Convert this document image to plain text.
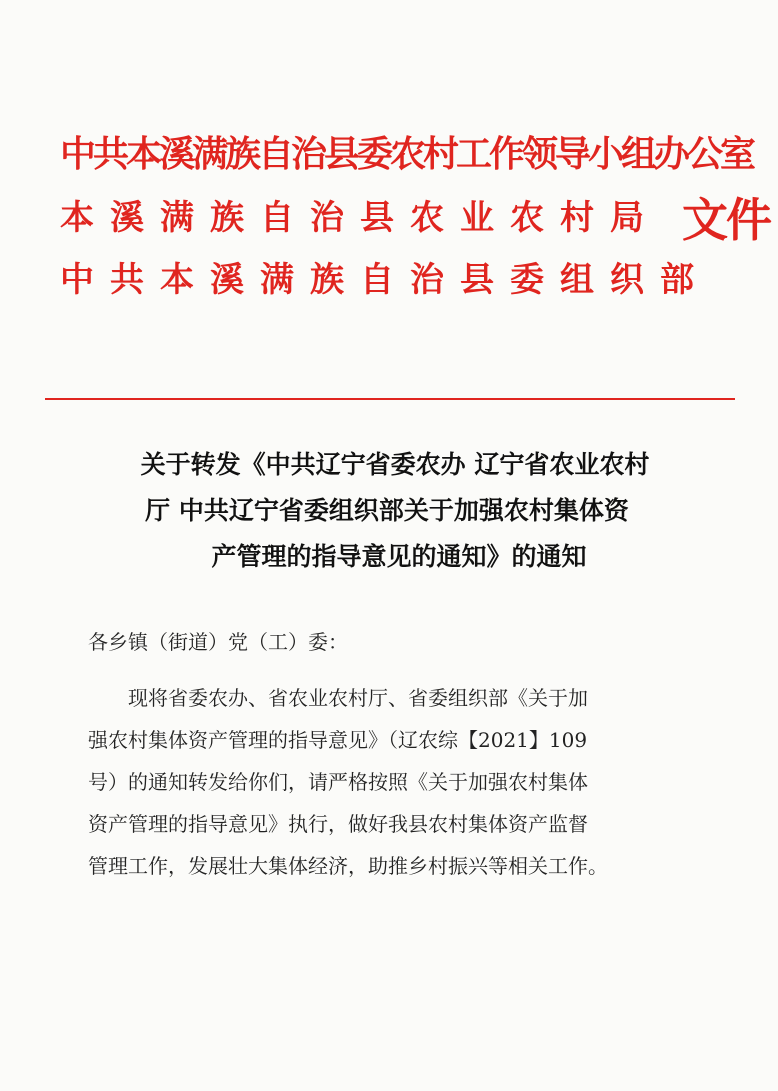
中共本溪满族自治县委农村工作领导小组办公室
本溪满族自治县农业农村局
中共本溪满族自治县委组织部
文件
关于转发《中共辽宁省委农办 辽宁省农业农村
厅 中共辽宁省委组织部关于加强农村集体资
产管理的指导意见的通知》的通知
各乡镇（街道）党（工）委：
现将省委农办、省农业农村厅、省委组织部《关于加
强农村集体资产管理的指导意见》（辽农综【2021】109
号）的通知转发给你们，请严格按照《关于加强农村集体
资产管理的指导意见》执行，做好我县农村集体资产监督
管理工作，发展壮大集体经济，助推乡村振兴等相关工作。
